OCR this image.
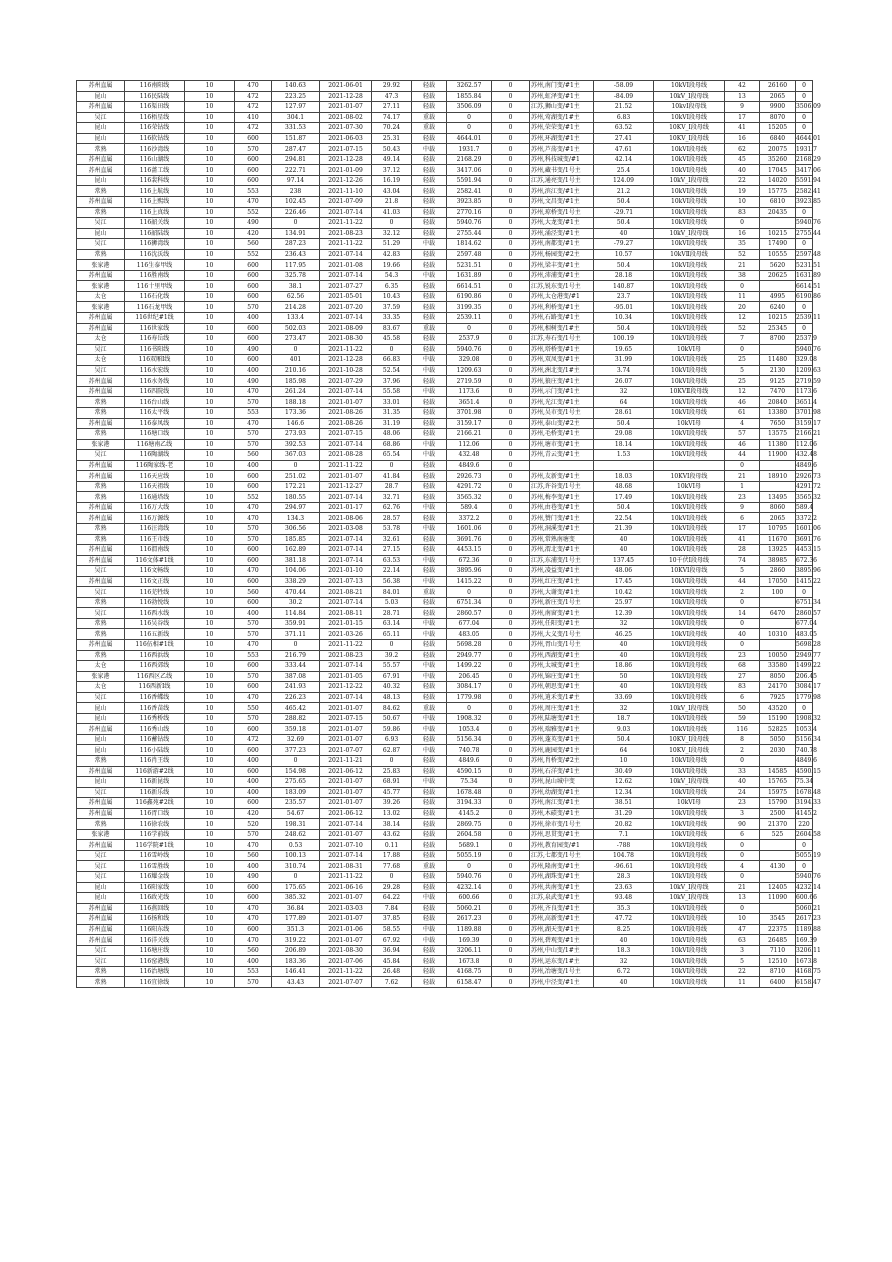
苏州直属	116南阳线	10	470	140.63	2021-06-01	29.92	轻载	3262.57	0	苏州,南门变/#1主	-58.09	10kVⅠ段母线	42	26160	0
昆山	116民陆线	10	472	223.25	2021-12-28	47.3	轻载	1855.84	0	苏州,虹泽变/#1主	-84.09	10kV_Ⅰ段母线	13	2065	0
苏州直属	116渠田线	10	472	127.97	2021-01-07	27.11	轻载	3506.09	0	江苏,狮山变/#1主	21.52	10kvⅠ段母线	9	9900	3506.09
吴江	116梧星线	10	410	304.1	2021-08-02	74.17	重载	0	0	苏州,莺湖变/1#主	6.83	10kVⅠ段母线	17	8070	0
昆山	116荣钻线	10	472	331.53	2021-07-30	70.24	重载	0	0	苏州,荣荣变/#1主	63.52	10KV_Ⅰ段母线	41	15205	0
昆山	116软钻线	10	600	151.87	2021-06-03	25.31	轻载	4644.01	0	苏州,环湖变/#1主	27.41	10KV_Ⅰ段母线	16	6840	4644.01
常熟	116沙湾线	10	570	287.47	2021-07-15	50.43	中载	1931.7	0	苏州,芦荡变/#1主	47.61	10kVⅠ段母线	62	20075	1931.7
苏州直属	116山湖线	10	600	294.81	2021-12-28	49.14	轻载	2168.29	0	苏州,科技城变/#1	42.14	10kVⅠ段母线	45	35260	2168.29
苏州直属	116蔷工线	10	600	222.71	2021-01-09	37.12	轻载	3417.06	0	苏州,藏书变/1号主	25.4	10kVⅠ段母线	40	17045	3417.06
昆山	116裴科线	10	600	97.14	2021-12-26	16.19	轻载	5591.94	0	江苏,通亮变/1号主	124.09	10kV_Ⅰ段母线	22	14020	5591.94
常熟	116上航线	10	553	238	2021-11-10	43.04	轻载	2582.41	0	苏州,滨江变/#1主	21.2	10kVⅠ段母线	19	15775	2582.41
苏州直属	116上熙线	10	470	102.45	2021-07-09	21.8	轻载	3923.85	0	苏州,文昌变/#1主	50.4	10kVⅠ段母线	10	6810	3923.85
常熟	116上真线	10	552	226.46	2021-07-14	41.03	轻载	2770.16	0	苏州,琼桥变/1号主	-29.71	10kVⅠ段母线	83	20435	0
吴江	116韶关线	10	490	0	2021-11-22	0	轻载	5940.76	0	苏州,大龙变/#1主	50.4	10kVⅠ段母线	0		5940.76
昆山	116韶陆线	10	420	134.91	2021-08-23	32.12	轻载	2755.44	0	苏州,涌泾变/#1主	40	10kV_Ⅰ段母线	16	10215	2755.44
吴江	116狮湾线	10	560	287.23	2021-11-22	51.29	中载	1814.62	0	苏州,南都变/#1主	-79.27	10kVⅠ段母线	35	17490	0
常熟	116沈沃线	10	552	236.43	2021-07-14	42.83	轻载	2597.48	0	苏州,杨园变/#2主	10.57	10kVⅡ段母线	52	10555	2597.48
张家港	116生泰甲线	10	600	117.95	2021-01-08	19.66	轻载	5231.51	0	苏州,梁丰变/#1主	50.4	10kVI段母线	21	5620	5231.51
苏州直属	116胜南线	10	600	325.78	2021-07-14	54.3	中载	1631.89	0	苏州,沛浦变/#1主	28.18	10kVI段母线	38	20625	1631.89
张家港	116十里甲线	10	600	38.1	2021-07-27	6.35	轻载	6614.51	0	江苏,锐东变/1号主	140.87	10kVⅠ段母线	0		6614.51
太仓	116石化线	10	600	62.56	2021-05-01	10.43	轻载	6190.86	0	苏州,太仓港变/#1	23.7	10kVⅠ段母线	11	4995	6190.86
张家港	116石龙甲线	10	570	214.28	2021-07-20	37.59	轻载	3199.35	0	苏州,利桥变/#1主	-95.01	10kVI段母线	20	6240	0
苏州直属	116世纪#1线	10	400	133.4	2021-07-14	33.35	轻载	2539.11	0	苏州,石路变/#1主	10.34	10kVⅠ段母线	12	10215	2539.11
苏州直属	116世家线	10	600	502.03	2021-08-09	83.67	重载	0	0	苏州,相树变/1#主	50.4	10kVI段母线	52	25345	0
太仓	116寿岳线	10	600	273.47	2021-08-30	45.58	轻载	2537.9	0	江苏,寿石变/1号主	100.19	10kVⅠ段母线	7	8700	2537.9
吴江	116书阳线	10	490	0	2021-11-22	0	轻载	5940.76	0	苏州,塔桥变/#1主	19.65	10kVI母	0		5940.76
太仓	116双厢Ⅰ线	10	600	401	2021-12-28	66.83	中载	329.08	0	苏州,双凤变/#1主	31.99	10kVⅠ段母线	25	11480	329.08
吴江	116水宏线	10	400	210.16	2021-10-28	52.54	中载	1209.63	0	苏州,洲北变/1#主	3.74	10kVⅠ段母线	5	2130	1209.63
苏州直属	116水务线	10	490	185.98	2021-07-29	37.96	轻载	2719.59	0	苏州,狼庄变/#1主	26.07	10kVⅠ段母线	25	9125	2719.59
苏州直属	116四院线	10	470	261.24	2021-07-14	55.58	中载	1173.6	0	苏州,示门变/#1主	32	10KVⅡ段母线	12	7470	1173.6
常熟	116台山线	10	570	188.18	2021-01-07	33.01	轻载	3651.4	0	苏州,光江变/#1主	64	10kVⅠ段母线	46	20840	3651.4
常熟	116太平线	10	553	173.36	2021-08-26	31.35	轻载	3701.98	0	苏州,吴市变/1号主	28.61	10kVⅠ段母线	61	13380	3701.98
苏州直属	116泰凤线	10	470	146.6	2021-08-26	31.19	轻载	3159.17	0	苏州,泰山变/#2主	50.4	10kVⅠ母	4	7650	3159.17
常熟	116塘口线	10	570	273.93	2021-07-15	48.06	轻载	2166.21	0	苏州,毛桥变/#1主	29.08	10kVⅠ段母线	57	13575	2166.21
张家港	116塘南乙线	10	570	392.53	2021-07-14	68.86	中载	112.06	0	苏州,塘市变/#1主	18.14	10kVI段母线	46	11380	112.06
吴江	116陶湖线	10	560	367.03	2021-08-28	65.54	中载	432.48	0	苏州,青云变/#1主	1.53	10kVⅠ段母线	44	11900	432.48
苏州直属	116陶家线-老	10	400	0	2021-11-22	0	轻载	4849.6	0				0		4849.6
苏州直属	116天应线	10	600	251.02	2021-01-07	41.84	轻载	2926.73	0	苏州,友新变/#1主	18.03	10KVⅠ段母线	21	18910	2926.73
常熟	116天祖线	10	600	172.21	2021-12-27	28.7	轻载	4291.72	0	江苏,许谷变/1号主	48.68	10kVⅠ母	1		4291.72
常熟	116通塔线	10	552	180.55	2021-07-14	32.71	轻载	3565.32	0	苏州,梅李变/#1主	17.49	10kVⅠ段母线	23	13495	3565.32
苏州直属	116万大线	10	470	294.97	2021-01-17	62.76	中载	589.4	0	苏州,由巷变/#1主	50.4	10kVI段母线	9	8060	589.4
苏州直属	116万源线	10	470	134.3	2021-08-06	28.57	轻载	3372.2	0	苏州,赞门变/#1主	22.54	10kVⅠ段母线	6	2065	3372.2
常熟	116汪湾线	10	570	306.56	2021-03-08	53.78	中载	1601.06	0	苏州,洞溪变/#1主	21.39	10kVⅠ段母线	17	10795	1601.06
常熟	116王市线	10	570	185.85	2021-07-14	32.61	轻载	3691.76	0	苏州,常熟南塘变	40	10kVⅠ段母线	41	11670	3691.76
苏州直属	116渭南线	10	600	162.89	2021-07-14	27.15	轻载	4453.15	0	苏州,渭北变/#1主	40	10kVⅠ段母线	28	13925	4453.15
苏州直属	116文体#1线	10	600	381.18	2021-07-14	63.53	中载	672.36	0	江苏,东浦变/1号主	137.45	10千伏Ⅰ段母线	74	38985	672.36
吴江	116文畅线	10	470	104.06	2021-01-10	22.14	轻载	3895.96	0	苏州,凌益变/#1主	48.06	10KVⅠ段母线	5	2860	3895.96
苏州直属	116文正线	10	600	338.29	2021-07-13	56.38	中载	1415.22	0	苏州,红庄变/#1主	17.45	10kVⅠ段母线	44	17050	1415.22
吴江	116芜牲线	10	560	470.44	2021-08-21	84.01	重载	0	0	苏州,大谢变/#1主	10.42	10kVI段母线	2	100	0
常熟	116勃悦线	10	600	30.2	2021-07-14	5.03	轻载	6751.34	0	苏州,新庄变/1号主	25.97	10kVⅠ段母线	0		6751.34
吴江	116西水线	10	400	114.84	2021-08-11	28.71	轻载	2860.57	0	苏州,南窗变/#1主	12.39	10kVⅠ段母线	14	6470	2860.57
常熟	116吴谷线	10	570	359.91	2021-01-15	63.14	中载	677.04	0	苏州,任阳变/#1主	32	10kVⅠ段母线	0		677.04
常熟	116五新线	10	570	371.11	2021-03-26	65.11	中载	483.05	0	苏州,大义变/1号主	46.25	10kVⅠ段母线	40	10310	483.05
苏州直属	116伍相#1线	10	470	0	2021-11-22	0	轻载	5698.28	0	苏州,胥山变/1号主	40	10kVⅠ段母线	0		5698.28
常熟	116西浜线	10	553	216.79	2021-08-23	39.2	轻载	2949.77	0	苏州,西湖变/#1主	40	10kVⅠ段母线	23	10050	2949.77
太仓	116西郊线	10	600	333.44	2021-07-14	55.57	中载	1499.22	0	苏州,太城变/#1主	18.86	10kVⅠ段母线	68	33580	1499.22
张家港	116西区乙线	10	570	387.08	2021-01-05	67.91	中载	206.45	0	苏州,锦庄变/#1主	50	10kVI段母线	27	8050	206.45
太仓	116西新Ⅰ线	10	600	241.93	2021-12-22	40.32	轻载	3084.17	0	苏州,朝思变/#1主	40	10kVⅠ段母线	83	24170	3084.17
吴江	116香蝶线	10	470	226.23	2021-07-14	48.13	轻载	1779.98	0	苏州,逍禾变/1#主	33.69	10kVI段母线	6	7925	1779.98
昆山	116香苗线	10	550	465.42	2021-01-07	84.62	重载	0	0	苏州,周庄变/#1主	32	10kV_Ⅰ段母线	50	43520	0
昆山	116秀桥线	10	570	288.82	2021-07-15	50.67	中载	1908.32	0	苏州,陆塘变/#1主	18.7	10kVⅠ段母线	59	15190	1908.32
苏州直属	116秀山线	10	600	359.18	2021-01-07	59.86	中载	1053.4	0	苏州,瑞雅变/#1主	9.03	10kVⅠ段母线	116	52825	1053.4
昆山	116蓄钻线	10	472	32.69	2021-01-07	6.93	轻载	5156.34	0	苏州,蓬英变/#1主	50.4	10KV_Ⅰ段母线	8	5050	5156.34
昆山	116小陆线	10	600	377.23	2021-07-07	62.87	中载	740.78	0	苏州,鹿园变/#1主	64	10KV_Ⅰ段母线	2	2030	740.78
常熟	116肖王线	10	400	0	2021-11-21	0	轻载	4849.6	0	苏州,肖桥变/#2主	10	10kVⅠ段母线	0		4849.6
苏州直属	116新游#2线	10	600	154.98	2021-06-12	25.83	轻载	4590.15	0	苏州,石洋变/#1主	30.49	10kVⅠ段母线	33	14585	4590.15
昆山	116新昆线	10	400	275.65	2021-01-07	68.91	中载	75.34	0	苏州,昆山城中变	12.62	10kV_Ⅰ段母线	40	15765	75.34
吴江	116新乐线	10	400	183.09	2021-01-07	45.77	轻载	1678.48	0	苏州,幼湖变/#1主	12.34	10kVⅠ段母线	24	15975	1678.48
苏州直属	116鑫苑#2线	10	600	235.57	2021-01-07	39.26	轻载	3194.33	0	苏州,南江变/#1主	38.51	10kVI母	23	15790	3194.33
苏州直属	116胥口线	10	420	54.67	2021-06-12	13.02	轻载	4145.2	0	苏州,木碛变/#1主	31.29	10kVⅠ段母线	3	2500	4145.2
常熟	116徐农线	10	520	198.31	2021-07-14	38.14	轻载	2869.75	0	苏州,徐市变/1号主	20.82	10kVⅠ段母线	90	21370	220
张家港	116学前线	10	570	248.62	2021-01-07	43.62	轻载	2604.58	0	苏州,思贯变/#1主	7.1	10kVI段母线	6	525	2604.58
苏州直属	116学院#1线	10	470	0.53	2021-07-10	0.11	轻载	5689.1	0	苏州,教育园变/#1	-788	10kVⅠ段母线	0		0
吴江	116雪岭线	10	560	100.13	2021-07-14	17.88	轻载	5055.19	0	江苏,七都变/1号主	104.78	10kVⅠ段母线	0		5055.19
吴江	116雪胜线	10	400	310.74	2021-08-31	77.68	重载	0	0	苏州,隆南变/#1主	-96.61	10kVⅠ段母线	4	4130	0
吴江	116耀金线	10	490	0	2021-11-22	0	轻载	5940.76	0	苏州,湖珠变/#1主	28.3	10kVⅠ段母线	0		5940.76
昆山	116阳家线	10	600	175.65	2021-06-16	29.28	轻载	4232.14	0	苏州,共南变/#1主	23.63	10kV_Ⅰ段母线	21	12405	4232.14
昆山	116政光线	10	600	385.32	2021-01-07	64.22	中载	600.66	0	江苏,泉武变/#1主	93.48	10kV_Ⅰ段母线	13	11090	600.66
苏州直属	116燕回线	10	470	36.84	2021-03-03	7.84	轻载	5060.21	0	苏州,齐良变/#1主	35.3	10kVⅠ段母线	0		5060.21
苏州直属	116扬和线	10	470	177.89	2021-01-07	37.85	轻载	2617.23	0	苏州,高新变/#1主	47.72	10kVⅠ段母线	10	3545	2617.23
苏州直属	116阳东线	10	600	351.3	2021-01-06	58.55	中载	1189.88	0	苏州,湖天变/#1主	8.25	10kVⅠ段母线	47	22375	1189.88
苏州直属	116洋关线	10	470	319.22	2021-01-07	67.92	中载	169.39	0	苏州,碧观变/#1主	40	10kVⅠ段母线	63	26485	169.39
吴江	116塘庄线	10	560	206.89	2021-08-30	36.94	轻载	3206.11	0	苏州,中山变/1#主	18.3	10kVⅠ段母线	3	7110	3206.11
吴江	116窑港线	10	400	183.36	2021-07-06	45.84	轻载	1673.8	0	苏州,运东变/1#主	32	10kVⅠ段母线	5	12510	1673.8
常熟	116治塘线	10	553	146.41	2021-11-22	26.48	轻载	4168.75	0	苏州,冶塘变/1号主	6.72	10kVⅠ段母线	22	8710	4168.75
常熟	116宜徐线	10	570	43.43	2021-07-07	7.62	轻载	6158.47	0	苏州,中泾变/#1主	40	10kVⅠ段母线	11	6400	6158.47
